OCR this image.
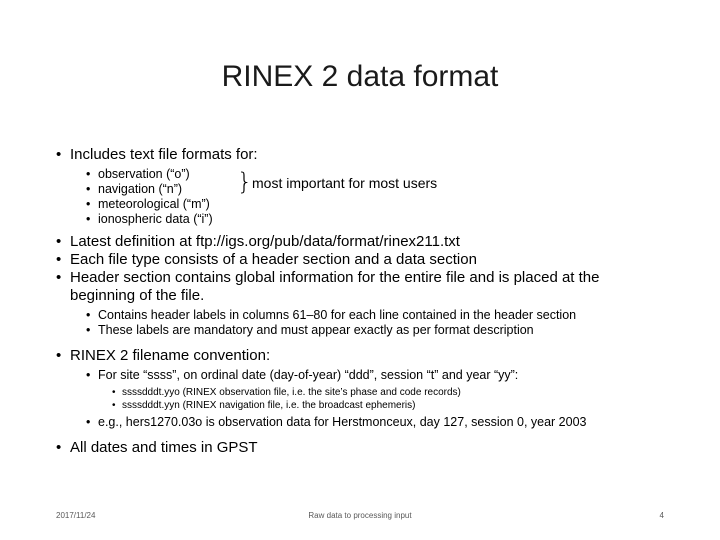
RINEX 2 data format
• Includes text file formats for:
• observation (“o”)
• navigation (“n”)
• meteorological (“m”)
• ionospheric data (“i”)
} most important for most users
• Latest definition at ftp://igs.org/pub/data/format/rinex211.txt
• Each file type consists of a header section and a data section
• Header section contains global information for the entire file and is placed at the beginning of the file.
• Contains header labels in columns 61–80 for each line contained in the header section
• These labels are mandatory and must appear exactly as per format description
• RINEX 2 filename convention:
• For site “ssss”, on ordinal date (day-of-year) “ddd”, session “t” and year “yy”:
• ssssdddt.yyo (RINEX observation file, i.e. the site’s phase and code records)
• ssssdddt.yyn (RINEX navigation file, i.e. the broadcast ephemeris)
• e.g., hers1270.03o is observation data for Herstmonceux, day 127, session 0, year 2003
• All dates and times in GPST
2017/11/24	Raw data to processing input	4
